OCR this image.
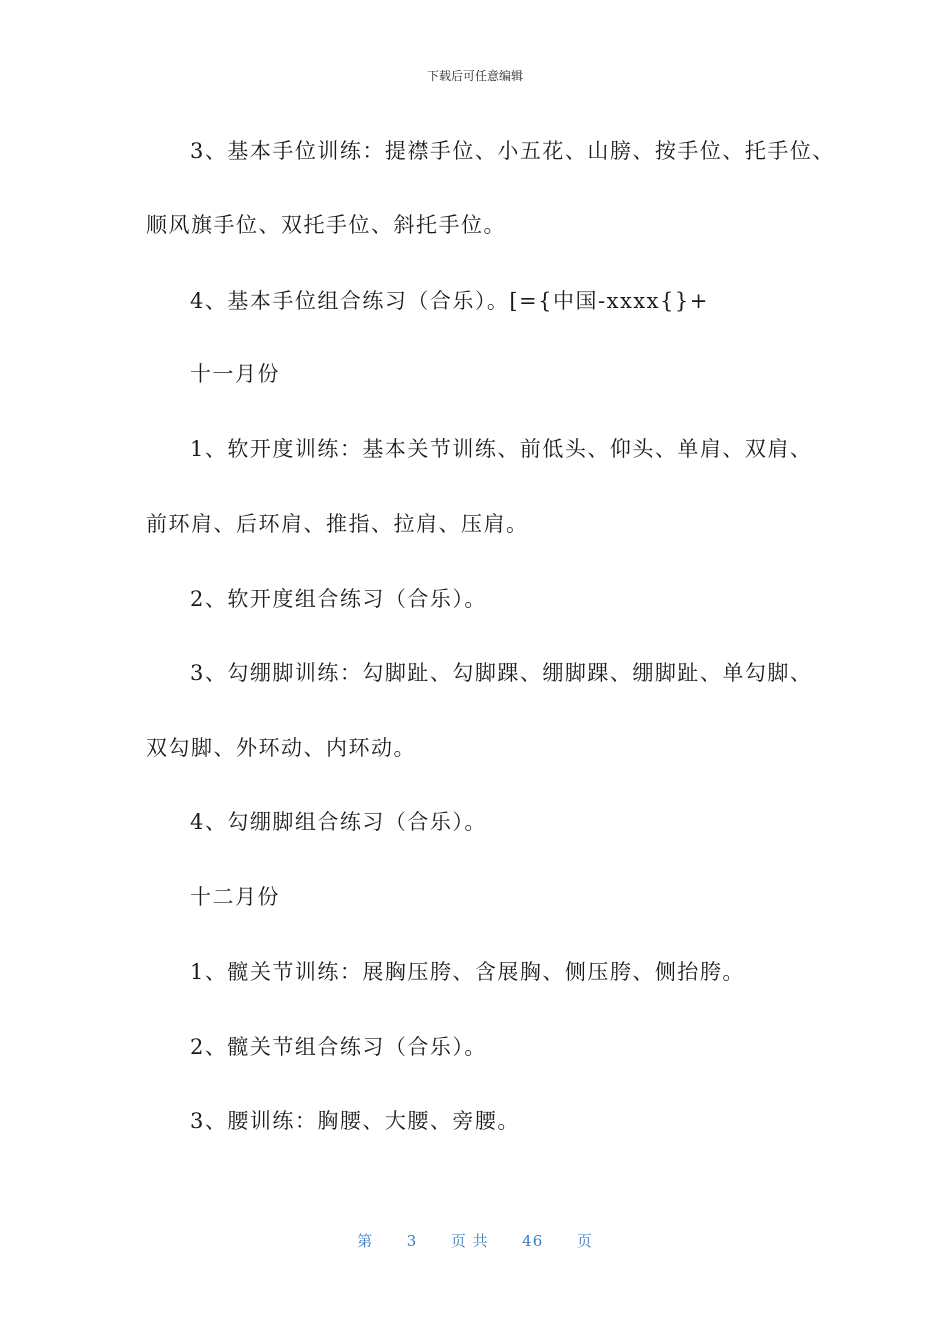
下载后可任意编辑
3、基本手位训练：提襟手位、小五花、山膀、按手位、托手位、
顺风旗手位、双托手位、斜托手位。
4、基本手位组合练习（合乐）。[={中国-xxxx{}+
十一月份
1、软开度训练：基本关节训练、前低头、仰头、单肩、双肩、
前环肩、后环肩、推指、拉肩、压肩。
2、软开度组合练习（合乐）。
3、勾绷脚训练：勾脚趾、勾脚踝、绷脚踝、绷脚趾、单勾脚、
双勾脚、外环动、内环动。
4、勾绷脚组合练习（合乐）。
十二月份
1、髋关节训练：展胸压胯、含展胸、侧压胯、侧抬胯。
2、髋关节组合练习（合乐）。
3、腰训练：胸腰、大腰、旁腰。
第 3 页 共 46 页
